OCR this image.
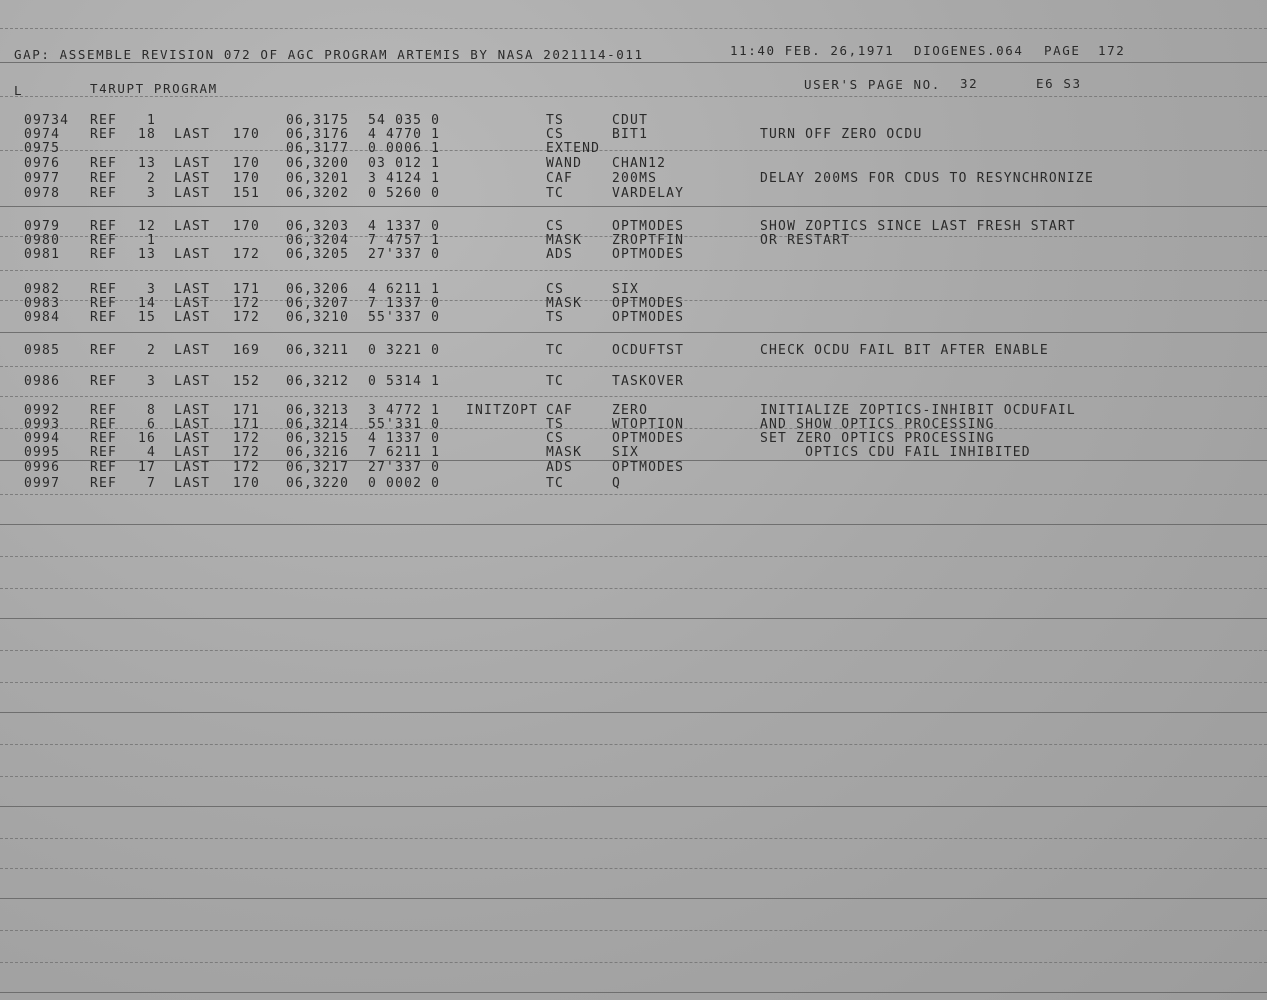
GAP: ASSEMBLE REVISION 072 OF AGC PROGRAM ARTEMIS BY NASA 2021114-011	11:40 FEB. 26,1971 DIOGENES.064 PAGE 172
L	T4RUPT PROGRAM	USER'S PAGE NO. 32	E6 S3
09734 REF	1	06,3175 54 035 0	TS	CDUT
0974 REF	18 LAST 170 06,3176 4 4770 1	CS	BIT1	TURN OFF ZERO OCDU
0975	06,3177 0 0006 1	EXTEND
0976 REF	13 LAST 170 06,3200 03 012 1	WAND CHAN12
0977 REF	2 LAST 170 06,3201 3 4124 1	CAF	200MS	DELAY 200MS FOR CDUS TO RESYNCHRONIZE
0978 REF	3 LAST 151 06,3202 0 5260 0	TC	VARDELAY
0979 REF	12 LAST 170 06,3203 4 1337 0	CS	OPTMODES	SHOW ZOPTICS SINCE LAST FRESH START
0980 REF	1	06,3204 7 4757 1	MASK ZROPTFIN	OR RESTART
0981 REF	13 LAST 172 06,3205 27'337 0	ADS	OPTMODES
0982 REF	3 LAST 171 06,3206 4 6211 1	CS	SIX
0983 REF	14 LAST 172 06,3207 7 1337 0	MASK OPTMODES
0984 REF	15 LAST 172 06,3210 55'337 0	TS	OPTMODES
0985 REF	2 LAST 169 06,3211 0 3221 0	TC	OCDUFTST	CHECK OCDU FAIL BIT AFTER ENABLE
0986 REF	3 LAST 152 06,3212 0 5314 1	TC	TASKOVER
0992 REF	8 LAST 171 06,3213 3 4772 1 INITZOPT CAF	ZERO	INITIALIZE ZOPTICS-INHIBIT OCDUFAIL
0993 REF	6 LAST 171 06,3214 55'331 0	TS	WTOPTION	AND SHOW OPTICS PROCESSING
0994 REF	16 LAST 172 06,3215 4 1337 0	CS	OPTMODES	SET ZERO OPTICS PROCESSING
0995 REF	4 LAST 172 06,3216 7 6211 1	MASK SIX	OPTICS CDU FAIL INHIBITED
0996 REF	17 LAST 172 06,3217 27'337 0	ADS	OPTMODES
0997 REF	7 LAST 170 06,3220 0 0002 0	TC	Q
